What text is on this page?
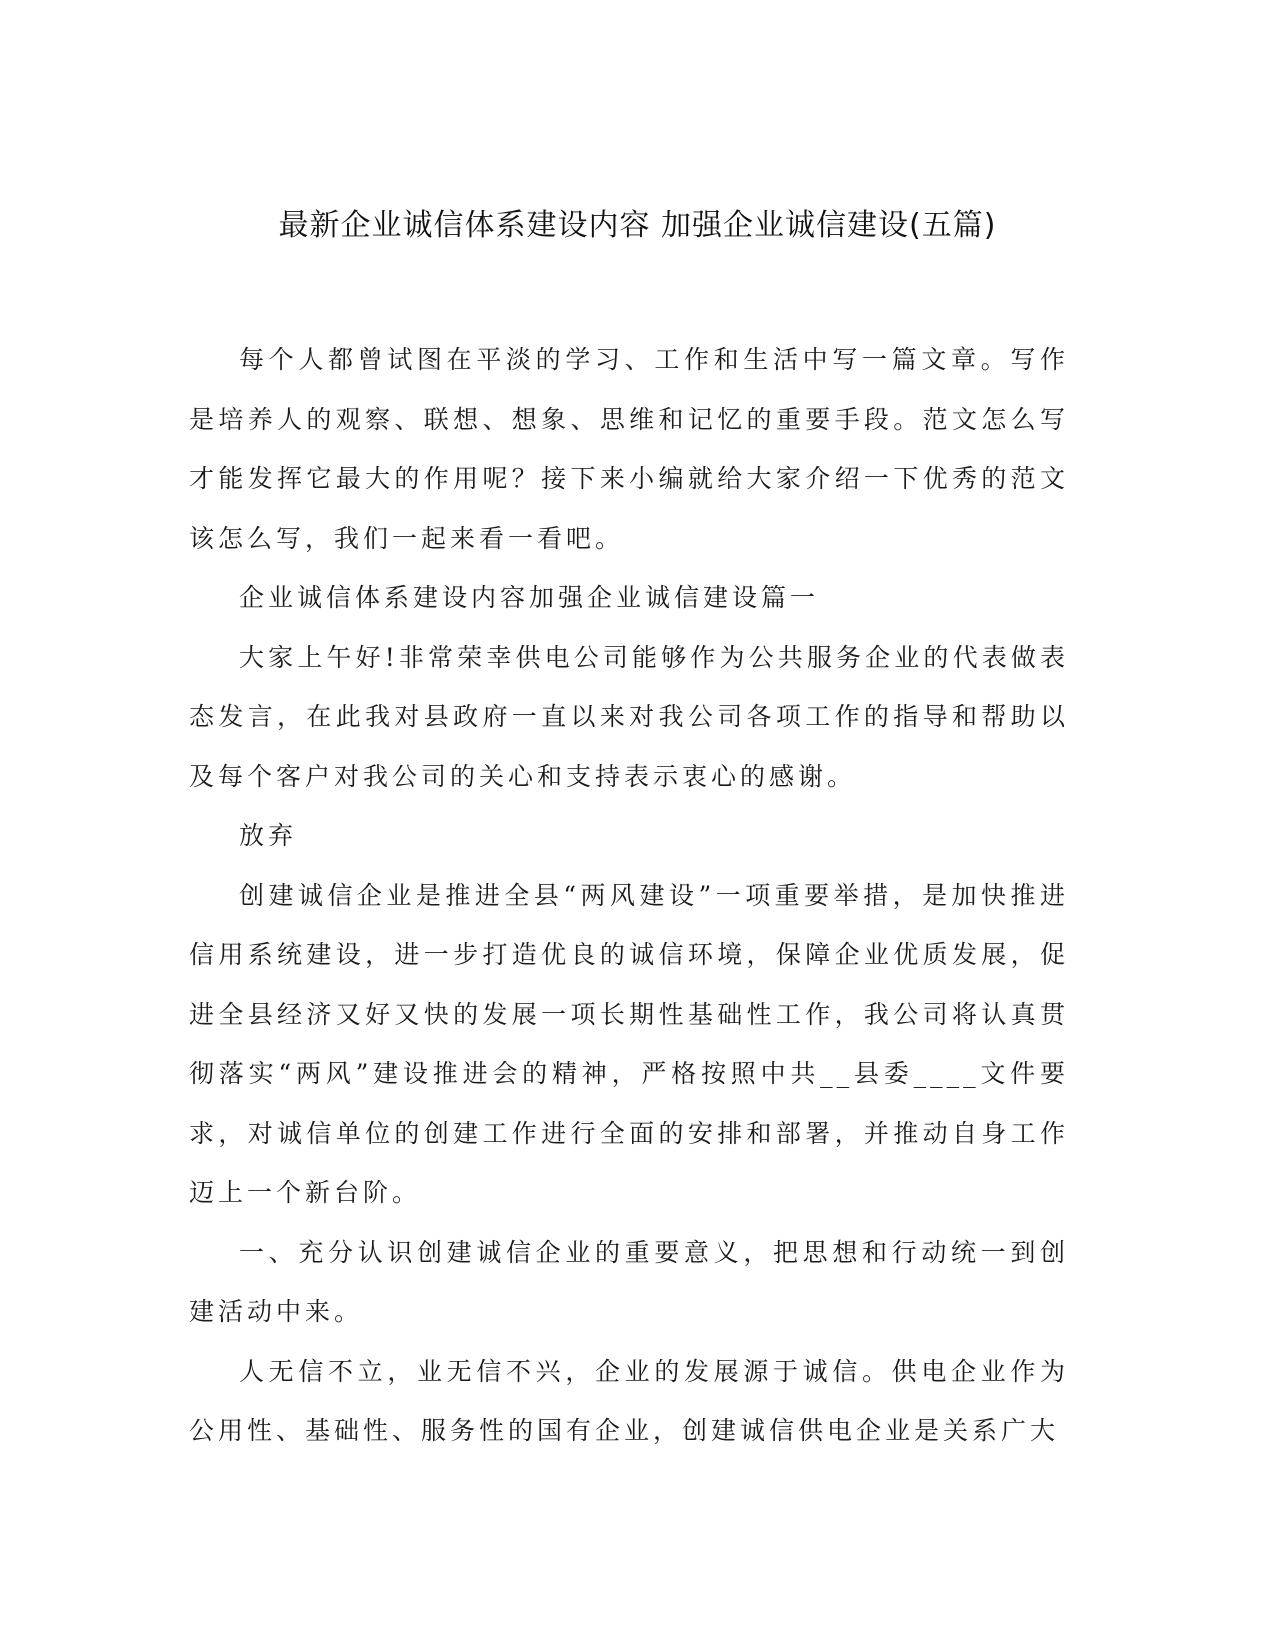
最新企业诚信体系建设内容 加强企业诚信建设(五篇)

每个人都曾试图在平淡的学习、工作和生活中写一篇文章。写作是培养人的观察、联想、想象、思维和记忆的重要手段。范文怎么写才能发挥它最大的作用呢？接下来小编就给大家介绍一下优秀的范文该怎么写，我们一起来看一看吧。

企业诚信体系建设内容加强企业诚信建设篇一

大家上午好!非常荣幸供电公司能够作为公共服务企业的代表做表态发言，在此我对县政府一直以来对我公司各项工作的指导和帮助以及每个客户对我公司的关心和支持表示衷心的感谢。

放弃

创建诚信企业是推进全县“两风建设”一项重要举措，是加快推进信用系统建设，进一步打造优良的诚信环境，保障企业优质发展，促进全县经济又好又快的发展一项长期性基础性工作，我公司将认真贯彻落实“两风”建设推进会的精神，严格按照中共__县委____文件要求，对诚信单位的创建工作进行全面的安排和部署，并推动自身工作迈上一个新台阶。

一、充分认识创建诚信企业的重要意义，把思想和行动统一到创建活动中来。

人无信不立，业无信不兴，企业的发展源于诚信。供电企业作为公用性、基础性、服务性的国有企业，创建诚信供电企业是关系广大
